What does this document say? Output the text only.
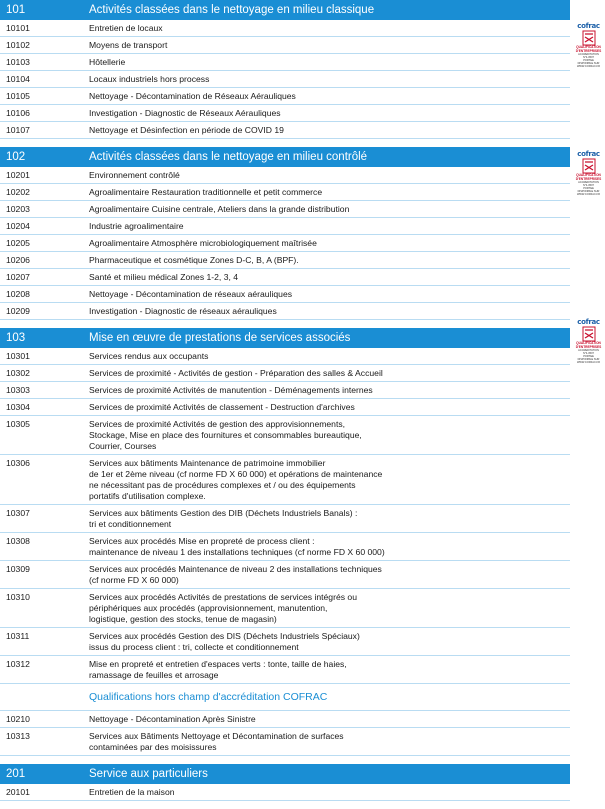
101	Activités classées dans le nettoyage en milieu classique
10101	Entretien de locaux
10102	Moyens de transport
10103	Hôtellerie
10104	Locaux industriels hors process
10105	Nettoyage - Décontamination de Réseaux Aérauliques
10106	Investigation - Diagnostic de Réseaux Aérauliques
10107	Nettoyage et Désinfection en période de COVID 19
102	Activités classées dans le nettoyage en milieu contrôlé
10201	Environnement contrôlé
10202	Agroalimentaire Restauration traditionnelle et petit commerce
10203	Agroalimentaire Cuisine centrale, Ateliers dans la grande distribution
10204	Industrie agroalimentaire
10205	Agroalimentaire Atmosphère microbiologiquement maîtrisée
10206	Pharmaceutique et cosmétique Zones D-C, B, A (BPF).
10207	Santé et milieu médical Zones 1-2, 3, 4
10208	Nettoyage - Décontamination de réseaux aérauliques
10209	Investigation - Diagnostic de réseaux aérauliques
103	Mise en œuvre de prestations de services associés
10301	Services rendus aux occupants
10302	Services de proximité - Activités de gestion - Préparation des salles & Accueil
10303	Services de proximité Activités de manutention - Déménagements internes
10304	Services de proximité Activités de classement - Destruction d'archives
10305	Services de proximité Activités de gestion des approvisionnements,
Stockage, Mise en place des fournitures et consommables bureautique,
Courrier, Courses
10306	Services aux bâtiments Maintenance de patrimoine immobilier
de 1er et 2ème niveau (cf norme FD X 60 000) et opérations de maintenance
ne nécessitant pas de procédures complexes et / ou des équipements
portatifs d'utilisation complexe.
10307	Services aux bâtiments Gestion des DIB (Déchets Industriels Banals) :
tri et conditionnement
10308	Services aux procédés Mise en propreté de process client :
maintenance de niveau 1 des installations techniques (cf norme FD X 60 000)
10309	Services aux procédés Maintenance de niveau 2 des installations techniques
(cf norme FD X 60 000)
10310	Services aux procédés Activités de prestations de services intégrés ou
périphériques aux procédés (approvisionnement, manutention,
logistique, gestion des stocks, tenue de magasin)
10311	Services aux procédés Gestion des DIS (Déchets Industriels Spéciaux)
issus du process client : tri, collecte et conditionnement
10312	Mise en propreté et entretien d'espaces verts : tonte, taille de haies,
ramassage de feuilles et arrosage
Qualifications hors champ d'accréditation COFRAC
10210	Nettoyage - Décontamination Après Sinistre
10313	Services aux Bâtiments Nettoyage et Décontamination de surfaces
contaminées par des moisissures
201	Service aux particuliers
20101	Entretien de la maison
cofrac
QUALIFICATION
D'ENTREPRISES
ACCREDITATION
N°4-0507
PORTEE
DISPONIBLE SUR
WWW.COFRAC.FR
cofrac
QUALIFICATION
D'ENTREPRISES
ACCREDITATION
N°4-0507
PORTEE
DISPONIBLE SUR
WWW.COFRAC.FR
cofrac
QUALIFICATION
D'ENTREPRISES
ACCREDITATION
N°4-0507
PORTEE
DISPONIBLE SUR
WWW.COFRAC.FR
